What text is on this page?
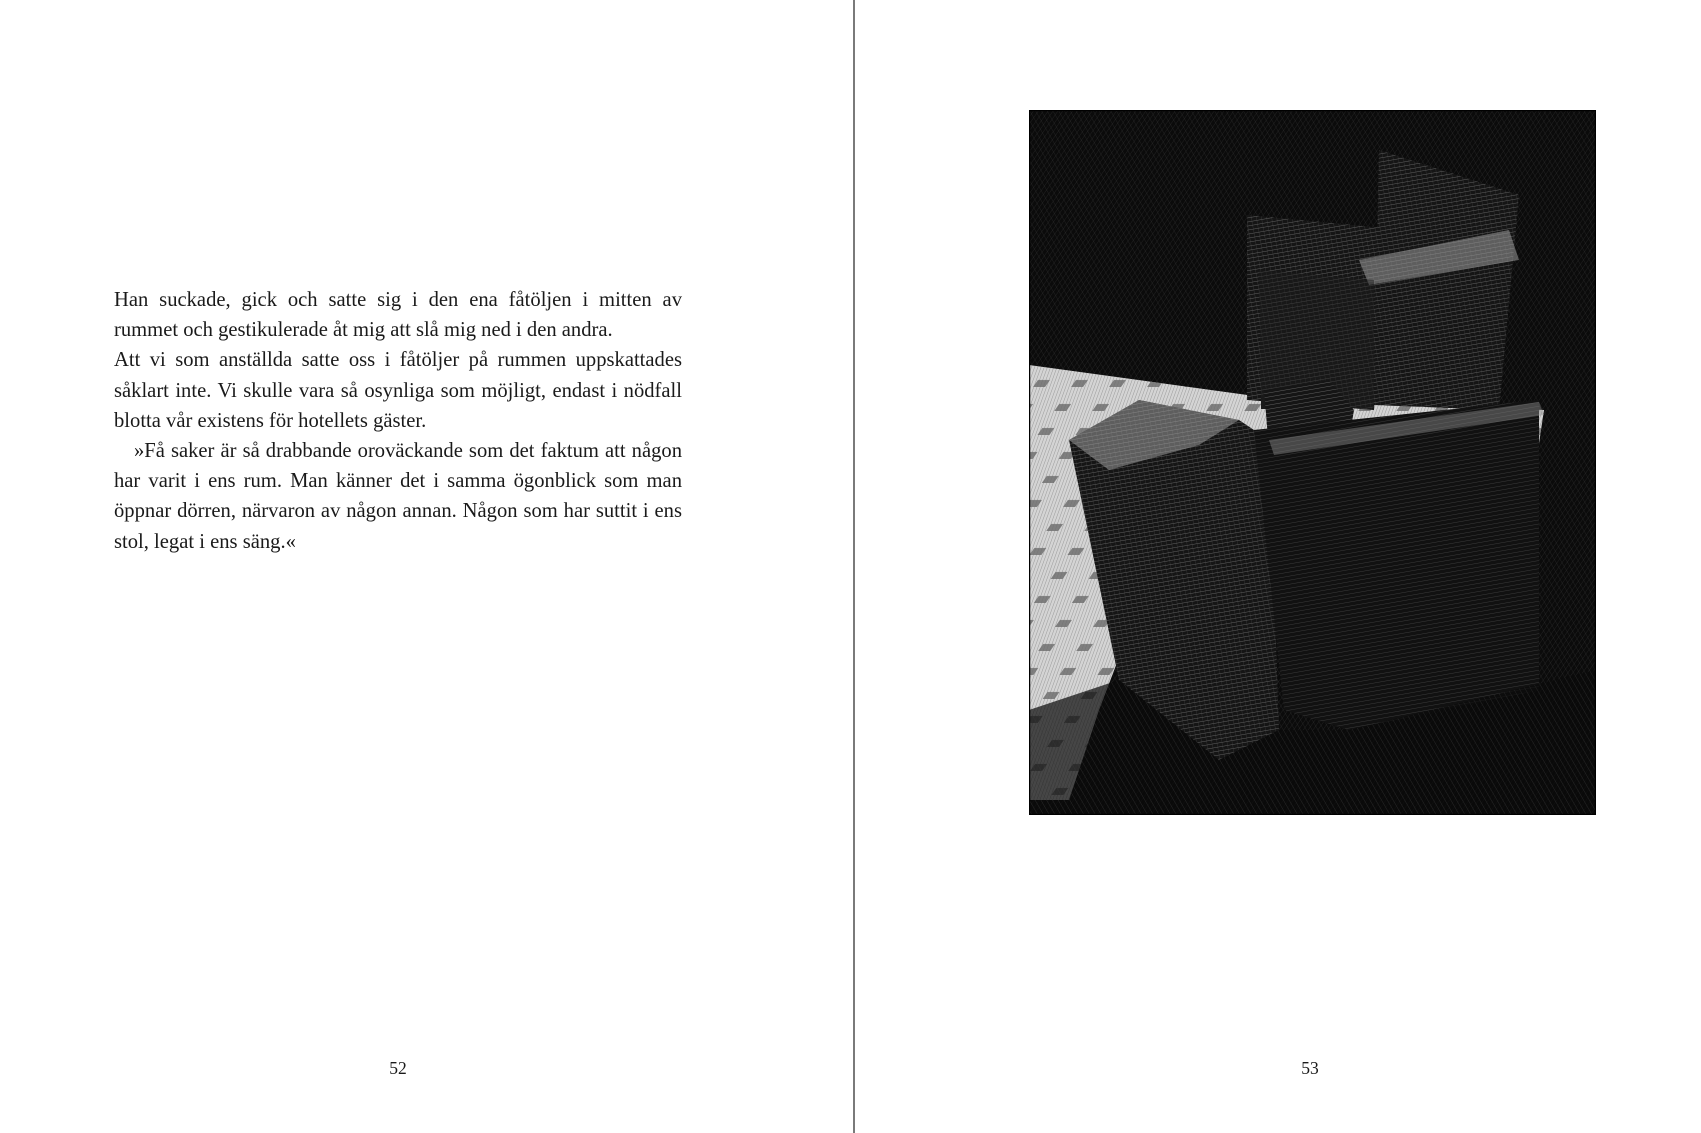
Han suckade, gick och satte sig i den ena fåtöljen i mitten av rummet och gestikulerade åt mig att slå mig ned i den andra.

Att vi som anställda satte oss i fåtöljer på rummen uppskattades såklart inte. Vi skulle vara så osynliga som möjligt, endast i nödfall blotta vår existens för hotellets gäster.

»Få saker är så drabbande oroväckande som det faktum att någon har varit i ens rum. Man känner det i samma ögonblick som man öppnar dörren, närvaron av någon annan. Någon som har suttit i ens stol, legat i ens säng.«

52	53
